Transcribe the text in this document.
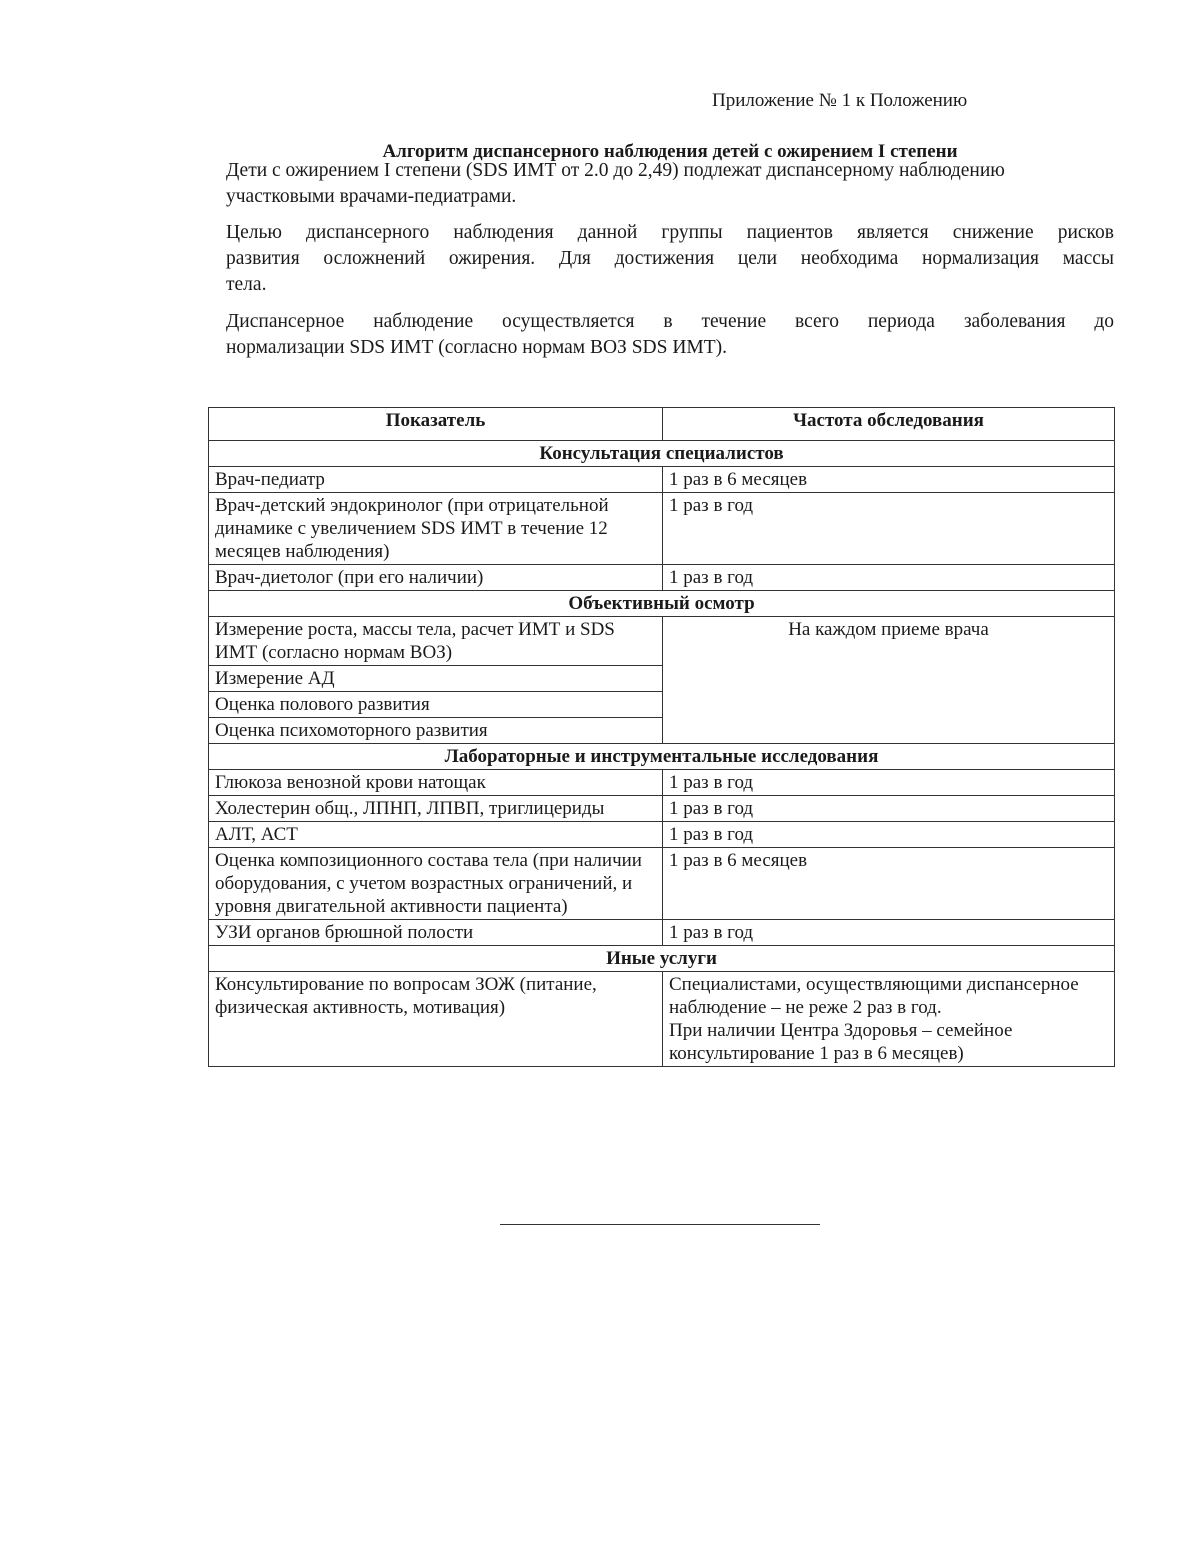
Приложение № 1 к Положению
Алгоритм диспансерного наблюдения детей с ожирением I степени
Дети с ожирением I степени (SDS ИМТ от 2.0 до 2,49) подлежат диспансерному наблюдению
участковыми врачами-педиатрами.
Целью диспансерного наблюдения данной группы пациентов является снижение рисков
развития осложнений ожирения. Для достижения цели необходима нормализация массы
тела.
Диспансерное наблюдение осуществляется в течение всего периода заболевания до
нормализации SDS ИМТ (согласно нормам ВОЗ SDS ИМТ).
Показатель	Частота обследования
Консультация специалистов	
Врач-педиатр	1 раз в 6 месяцев
Врач-детский эндокринолог (при отрицательной динамике с увеличением SDS ИМТ в течение 12 месяцев наблюдения)	1 раз в год
Врач-диетолог (при его наличии)	1 раз в год
Объективный осмотр	
Измерение роста, массы тела, расчет ИМТ и SDS ИМТ (согласно нормам ВОЗ)	На каждом приеме врача
Измерение АД	
Оценка полового развития	
Оценка психомоторного развития	
Лабораторные и инструментальные исследования	
Глюкоза венозной крови натощак	1 раз в год
Холестерин общ., ЛПНП, ЛПВП, триглицериды	1 раз в год
АЛТ, АСТ	1 раз в год
Оценка композиционного состава тела (при наличии оборудования, с учетом возрастных ограничений, и уровня двигательной активности пациента)	1 раз в 6 месяцев
УЗИ органов брюшной полости	1 раз в год
Иные услуги	
Консультирование по вопросам ЗОЖ (питание, физическая активность, мотивация)	Специалистами, осуществляющими диспансерное наблюдение – не реже 2 раз в год.
При наличии Центра Здоровья – семейное консультирование 1 раз в 6 месяцев)
